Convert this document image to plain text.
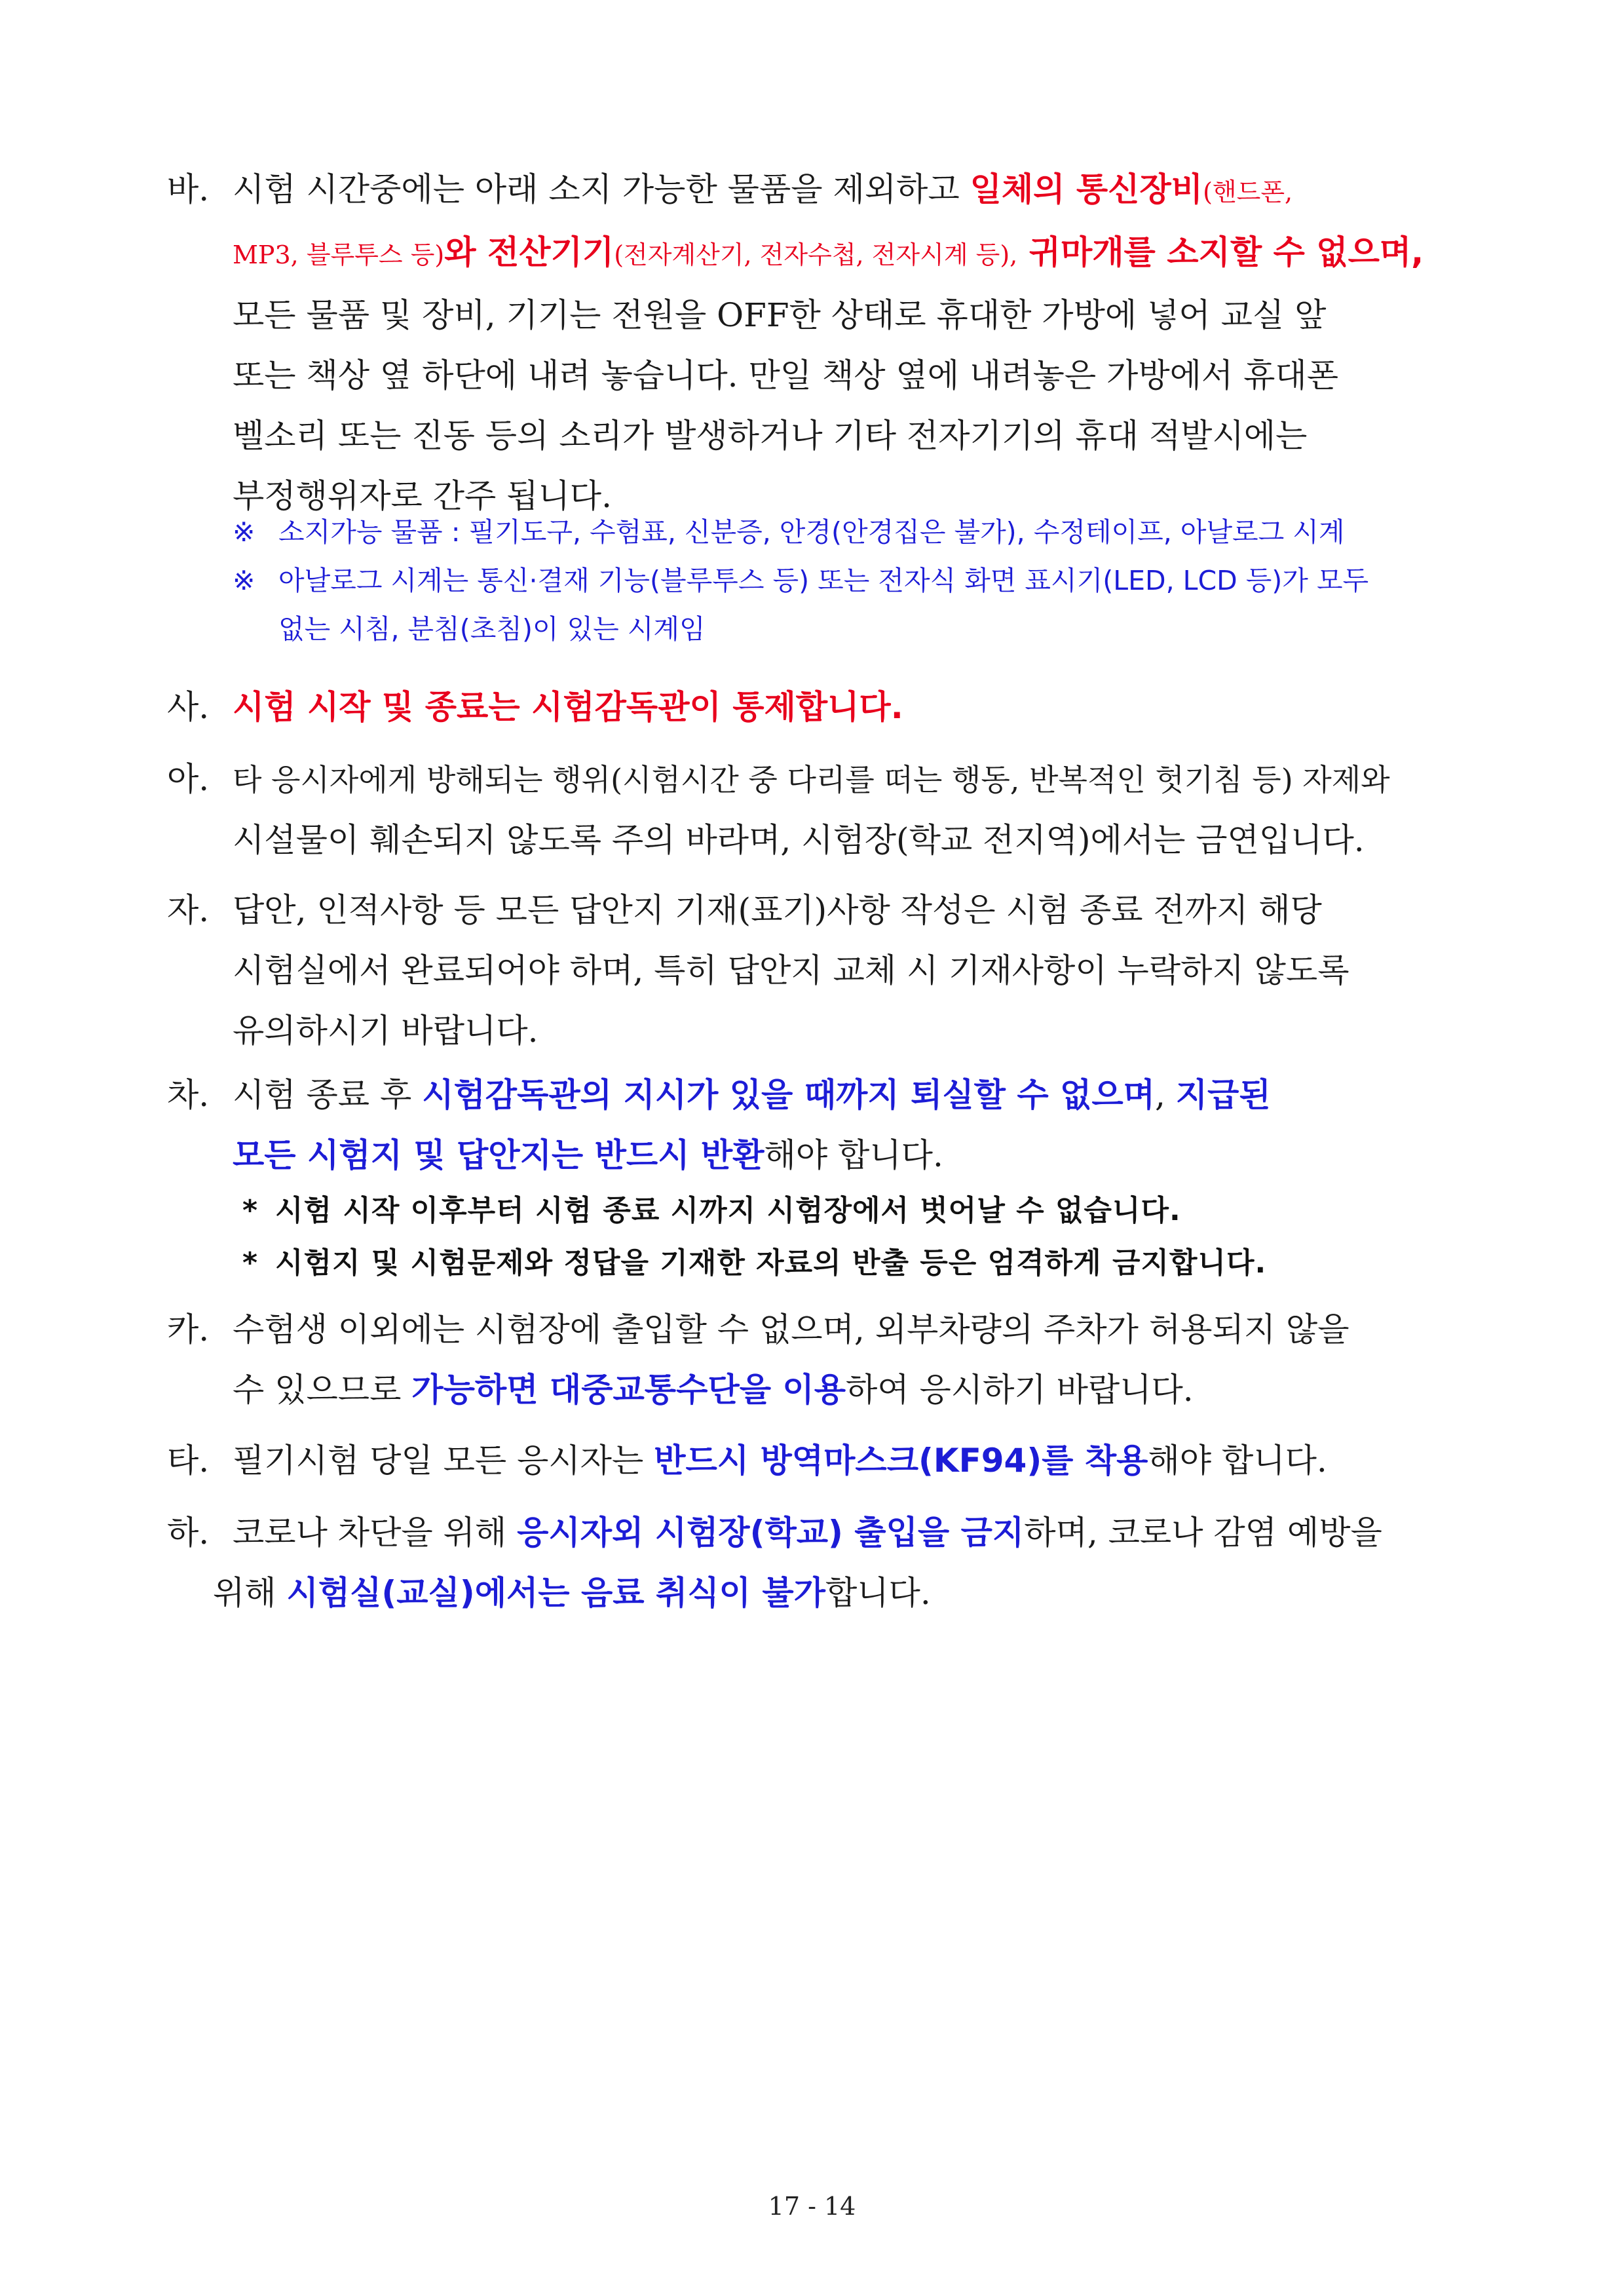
바. 시험 시간중에는 아래 소지 가능한 물품을 제외하고 일체의 통신장비(핸드폰,
MP3, 블루투스 등)와 전산기기(전자계산기, 전자수첩, 전자시계 등), 귀마개를 소지할 수 없으며,
모든 물품 및 장비, 기기는 전원을 OFF한 상태로 휴대한 가방에 넣어 교실 앞
또는 책상 옆 하단에 내려 놓습니다. 만일 책상 옆에 내려놓은 가방에서 휴대폰
벨소리 또는 진동 등의 소리가 발생하거나 기타 전자기기의 휴대 적발시에는
부정행위자로 간주 됩니다.
※ 소지가능 물품 : 필기도구, 수험표, 신분증, 안경(안경집은 불가), 수정테이프, 아날로그 시계
※ 아날로그 시계는 통신·결재 기능(블루투스 등) 또는 전자식 화면 표시기(LED, LCD 등)가 모두
없는 시침, 분침(초침)이 있는 시계임
사. 시험 시작 및 종료는 시험감독관이 통제합니다.
아. 타 응시자에게 방해되는 행위(시험시간 중 다리를 떠는 행동, 반복적인 헛기침 등) 자제와
시설물이 훼손되지 않도록 주의 바라며, 시험장(학교 전지역)에서는 금연입니다.
자. 답안, 인적사항 등 모든 답안지 기재(표기)사항 작성은 시험 종료 전까지 해당
시험실에서 완료되어야 하며, 특히 답안지 교체 시 기재사항이 누락하지 않도록
유의하시기 바랍니다.
차. 시험 종료 후 시험감독관의 지시가 있을 때까지 퇴실할 수 없으며, 지급된
모든 시험지 및 답안지는 반드시 반환해야 합니다.
* 시험 시작 이후부터 시험 종료 시까지 시험장에서 벗어날 수 없습니다.
* 시험지 및 시험문제와 정답을 기재한 자료의 반출 등은 엄격하게 금지합니다.
카. 수험생 이외에는 시험장에 출입할 수 없으며, 외부차량의 주차가 허용되지 않을
수 있으므로 가능하면 대중교통수단을 이용하여 응시하기 바랍니다.
타. 필기시험 당일 모든 응시자는 반드시 방역마스크(KF94)를 착용해야 합니다.
하. 코로나 차단을 위해 응시자외 시험장(학교) 출입을 금지하며, 코로나 감염 예방을
위해 시험실(교실)에서는 음료 취식이 불가합니다.
17 - 14
